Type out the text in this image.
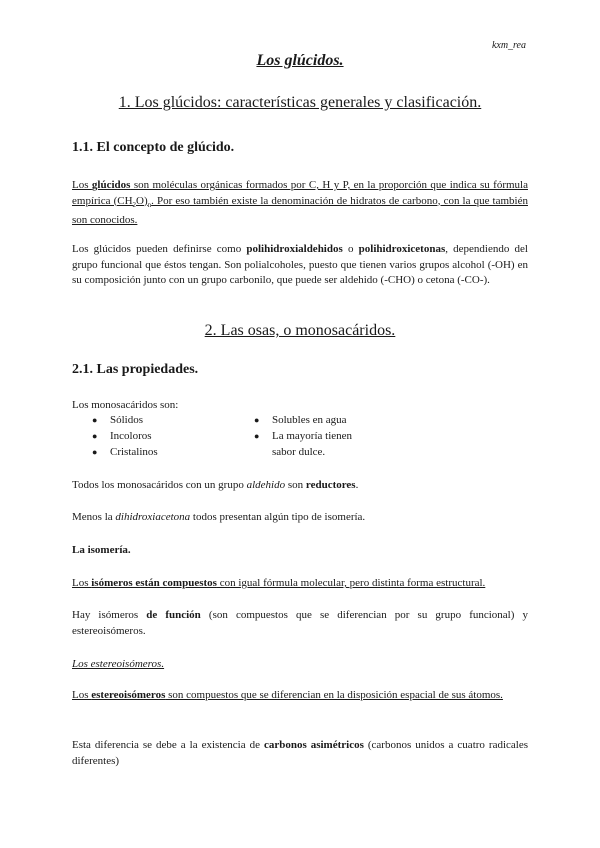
kxm_rea
Los glúcidos.
1. Los glúcidos: características generales y clasificación.
1.1. El concepto de glúcido.
Los glúcidos son moléculas orgánicas formados por C, H y P, en la proporción que indica su fórmula empírica $(CH_2O)_n$. Por eso también existe la denominación de hidratos de carbono, con la que también son conocidos.
Los glúcidos pueden definirse como polihidroxialdehidos o polihidroxicetonas, dependiendo del grupo funcional que éstos tengan. Son polialcoholes, puesto que tienen varios grupos alcohol (-OH) en su composición junto con un grupo carbonilo, que puede ser aldehido (-CHO) o cetona (-CO-).
2. Las osas, o monosacáridos.
2.1. Las propiedades.
Los monosacáridos son:
● Sólidos
● Incoloros
● Cristalinos
● Solubles en agua
● La mayoría tienen sabor dulce.
Todos los monosacáridos con un grupo aldehido son reductores.
Menos la dihidroxiacetona todos presentan algún tipo de isomería.
La isomería.
Los isómeros están compuestos con igual fórmula molecular, pero distinta forma estructural.
Hay isómeros de función (son compuestos que se diferencian por su grupo funcional) y estereoisómeros.
Los estereoisómeros.
Los estereoisómeros son compuestos que se diferencian en la disposición espacial de sus átomos.
Esta diferencia se debe a la existencia de carbonos asimétricos (carbonos unidos a cuatro radicales diferentes)
